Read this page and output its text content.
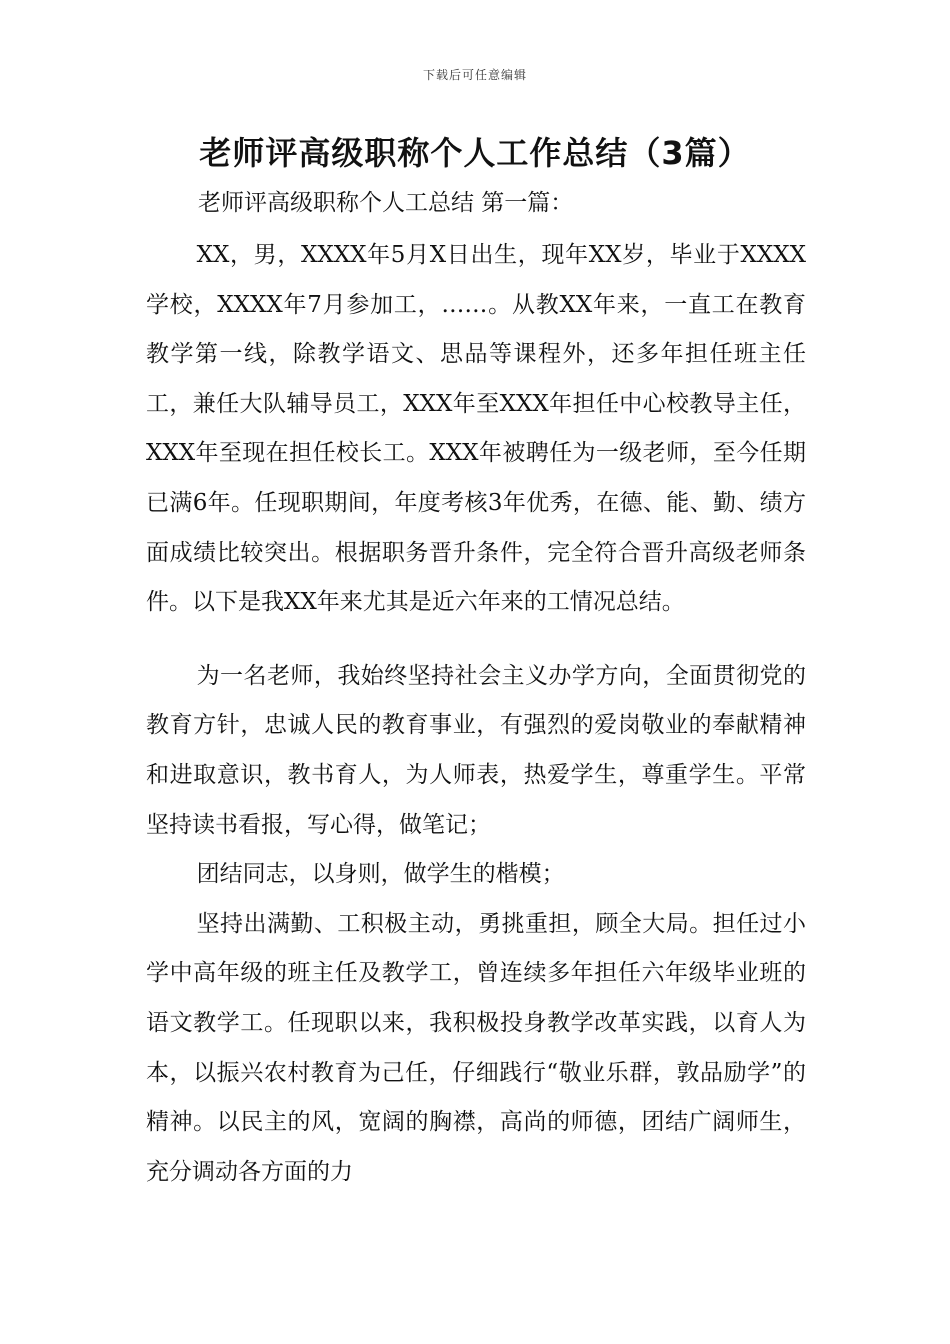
下载后可任意编辑
老师评高级职称个人工作总结（3篇）

老师评高级职称个人工总结 第一篇：

XX，男，XXXX年5月X日出生，现年XX岁，毕业于XXXX学校，XXXX年7月参加工，……。从教XX年来，一直工在教育教学第一线，除教学语文、思品等课程外，还多年担任班主任工，兼任大队辅导员工，XXX年至XXX年担任中心校教导主任，XXX年至现在担任校长工。XXX年被聘任为一级老师，至今任期已满6年。任现职期间，年度考核3年优秀，在德、能、勤、绩方面成绩比较突出。根据职务晋升条件，完全符合晋升高级老师条件。以下是我XX年来尤其是近六年来的工情况总结。

为一名老师，我始终坚持社会主义办学方向，全面贯彻党的教育方针，忠诚人民的教育事业，有强烈的爱岗敬业的奉献精神和进取意识，教书育人，为人师表，热爱学生，尊重学生。平常坚持读书看报，写心得，做笔记；

团结同志，以身则，做学生的楷模；

坚持出满勤、工积极主动，勇挑重担，顾全大局。担任过小学中高年级的班主任及教学工，曾连续多年担任六年级毕业班的语文教学工。任现职以来，我积极投身教学改革实践，以育人为本，以振兴农村教育为己任，仔细践行“敬业乐群，敦品励学”的精神。以民主的风，宽阔的胸襟，高尚的师德，团结广阔师生，充分调动各方面的力
